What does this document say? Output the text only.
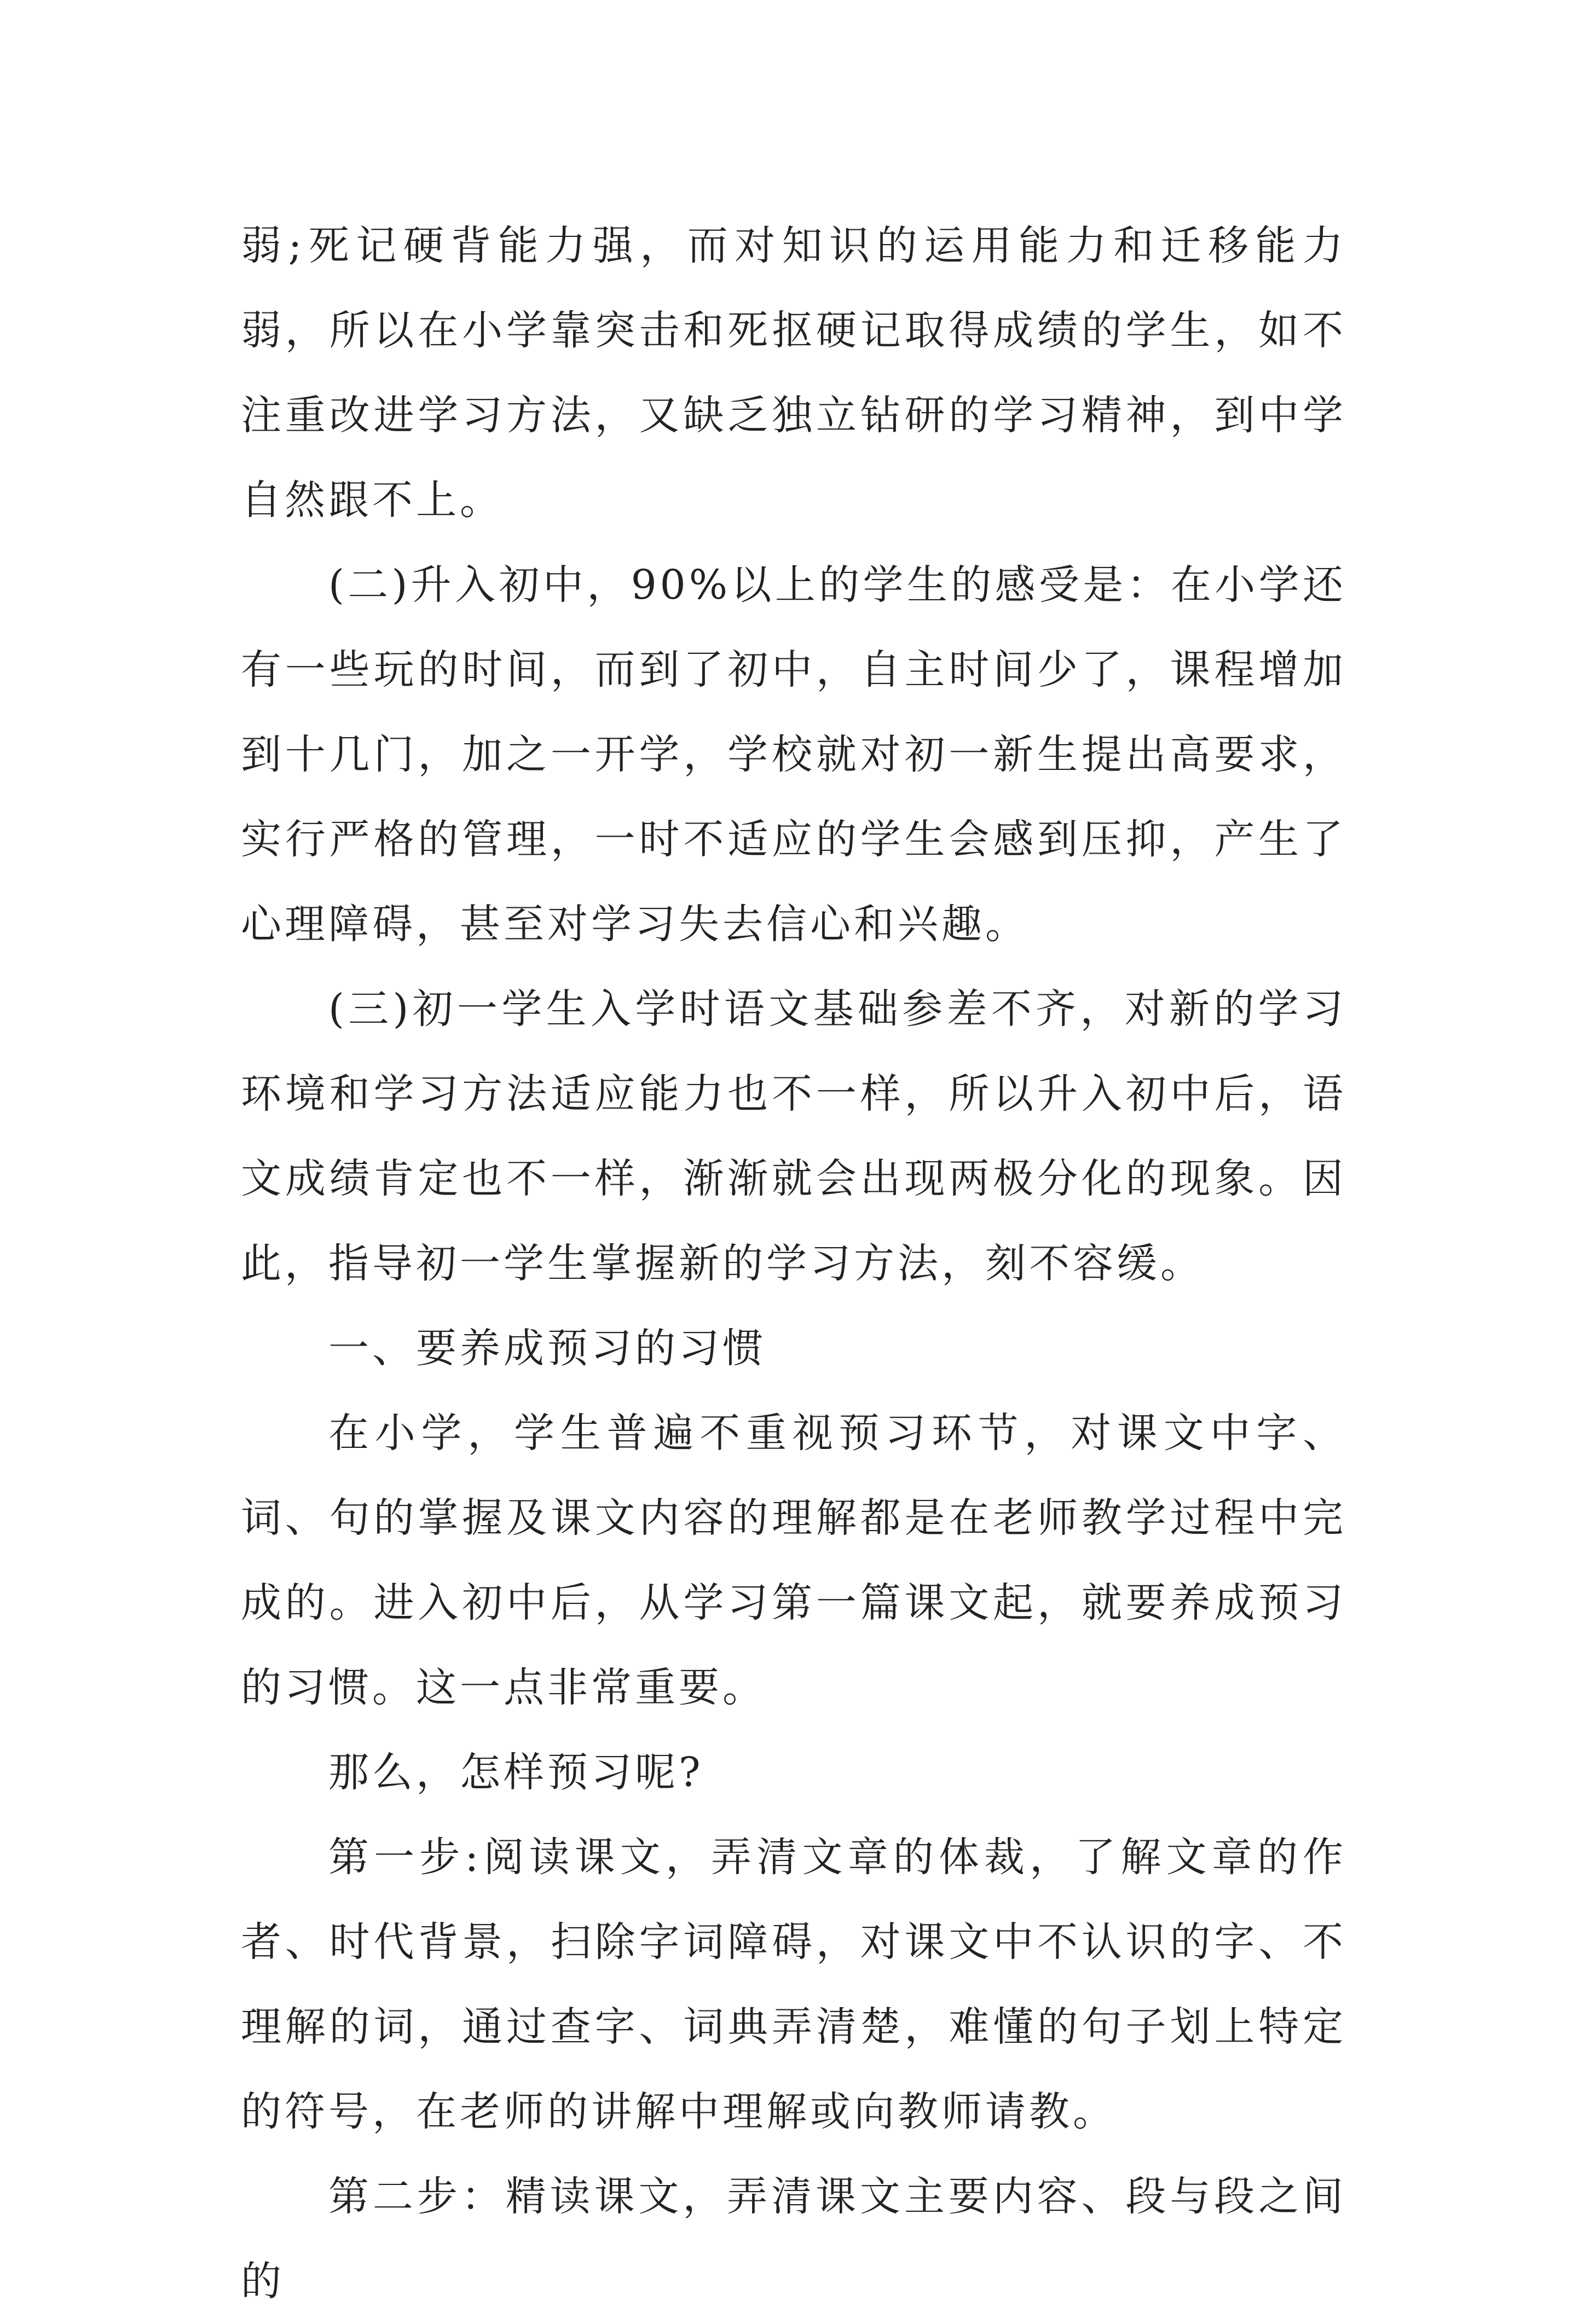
弱;死记硬背能力强，而对知识的运用能力和迁移能力弱，所以在小学靠突击和死抠硬记取得成绩的学生，如不注重改进学习方法，又缺乏独立钻研的学习精神，到中学自然跟不上。

(二)升入初中，90%以上的学生的感受是：在小学还有一些玩的时间，而到了初中，自主时间少了，课程增加到十几门，加之一开学，学校就对初一新生提出高要求，实行严格的管理，一时不适应的学生会感到压抑，产生了心理障碍，甚至对学习失去信心和兴趣。

(三)初一学生入学时语文基础参差不齐，对新的学习环境和学习方法适应能力也不一样，所以升入初中后，语文成绩肯定也不一样，渐渐就会出现两极分化的现象。因此，指导初一学生掌握新的学习方法，刻不容缓。

一、要养成预习的习惯

在小学，学生普遍不重视预习环节，对课文中字、词、句的掌握及课文内容的理解都是在老师教学过程中完成的。进入初中后，从学习第一篇课文起，就要养成预习的习惯。这一点非常重要。

那么，怎样预习呢?

第一步:阅读课文，弄清文章的体裁，了解文章的作者、时代背景，扫除字词障碍，对课文中不认识的字、不理解的词，通过查字、词典弄清楚，难懂的句子划上特定的符号，在老师的讲解中理解或向教师请教。

第二步：精读课文，弄清课文主要内容、段与段之间的
